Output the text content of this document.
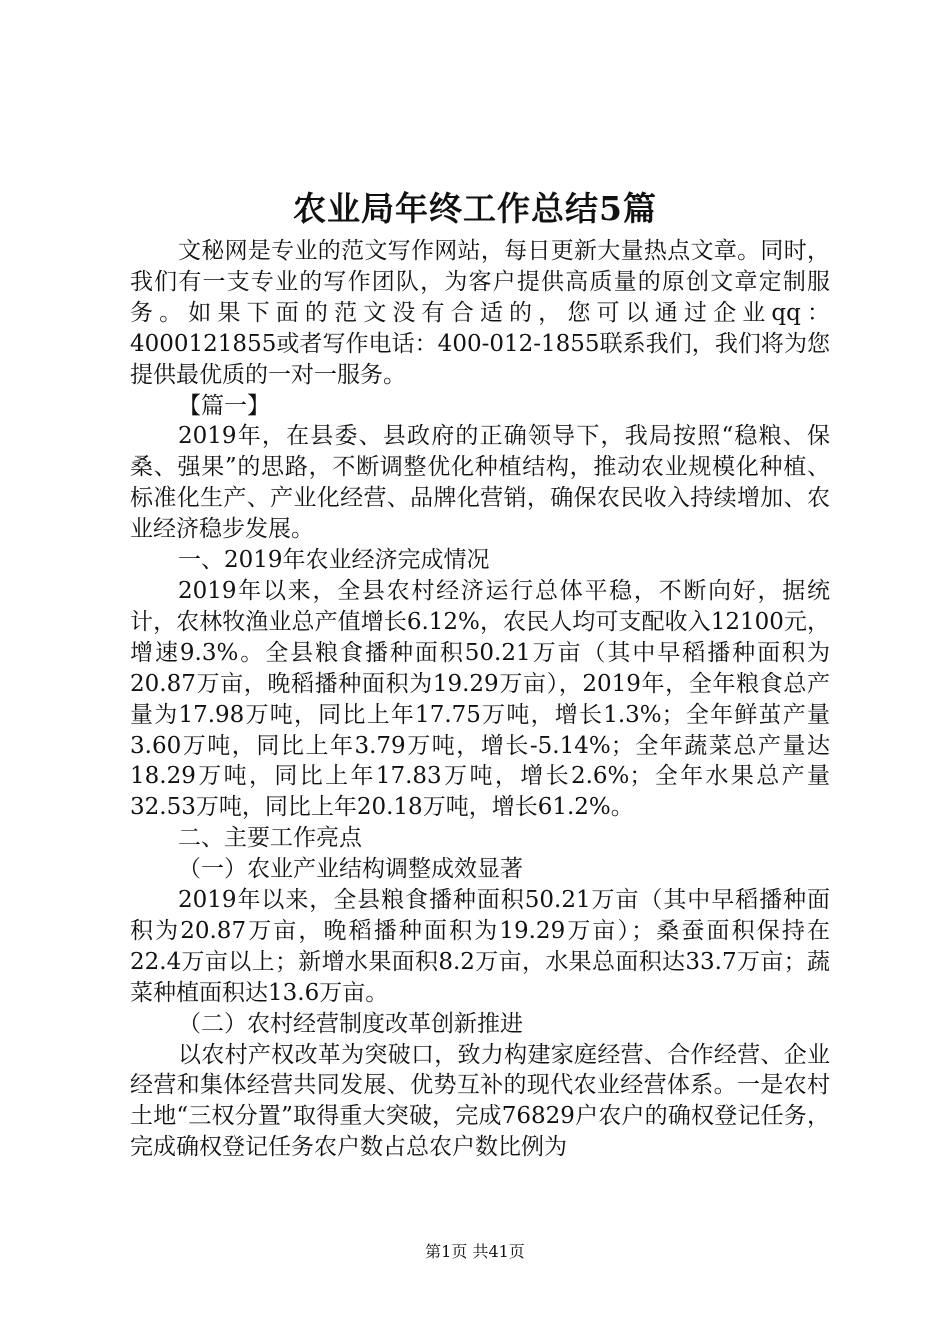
农业局年终工作总结5篇

文秘网是专业的范文写作网站，每日更新大量热点文章。同时，我们有一支专业的写作团队，为客户提供高质量的原创文章定制服务。如果下面的范文没有合适的，您可以通过企业qq：4000121855或者写作电话：400-012-1855联系我们，我们将为您提供最优质的一对一服务。

【篇一】

2019年，在县委、县政府的正确领导下，我局按照“稳粮、保桑、强果”的思路，不断调整优化种植结构，推动农业规模化种植、标准化生产、产业化经营、品牌化营销，确保农民收入持续增加、农业经济稳步发展。

一、2019年农业经济完成情况

2019年以来，全县农村经济运行总体平稳，不断向好，据统计，农林牧渔业总产值增长6.12%，农民人均可支配收入12100元，增速9.3%。全县粮食播种面积50.21万亩（其中早稻播种面积为20.87万亩，晚稻播种面积为19.29万亩），2019年，全年粮食总产量为17.98万吨，同比上年17.75万吨，增长1.3%；全年鲜茧产量3.60万吨，同比上年3.79万吨，增长-5.14%；全年蔬菜总产量达18.29万吨，同比上年17.83万吨，增长2.6%；全年水果总产量32.53万吨，同比上年20.18万吨，增长61.2%。

二、主要工作亮点

（一）农业产业结构调整成效显著

2019年以来，全县粮食播种面积50.21万亩（其中早稻播种面积为20.87万亩，晚稻播种面积为19.29万亩）；桑蚕面积保持在22.4万亩以上；新增水果面积8.2万亩，水果总面积达33.7万亩；蔬菜种植面积达13.6万亩。

（二）农村经营制度改革创新推进

以农村产权改革为突破口，致力构建家庭经营、合作经营、企业经营和集体经营共同发展、优势互补的现代农业经营体系。一是农村土地“三权分置”取得重大突破，完成76829户农户的确权登记任务，完成确权登记任务农户数占总农户数比例为

第1页 共41页
